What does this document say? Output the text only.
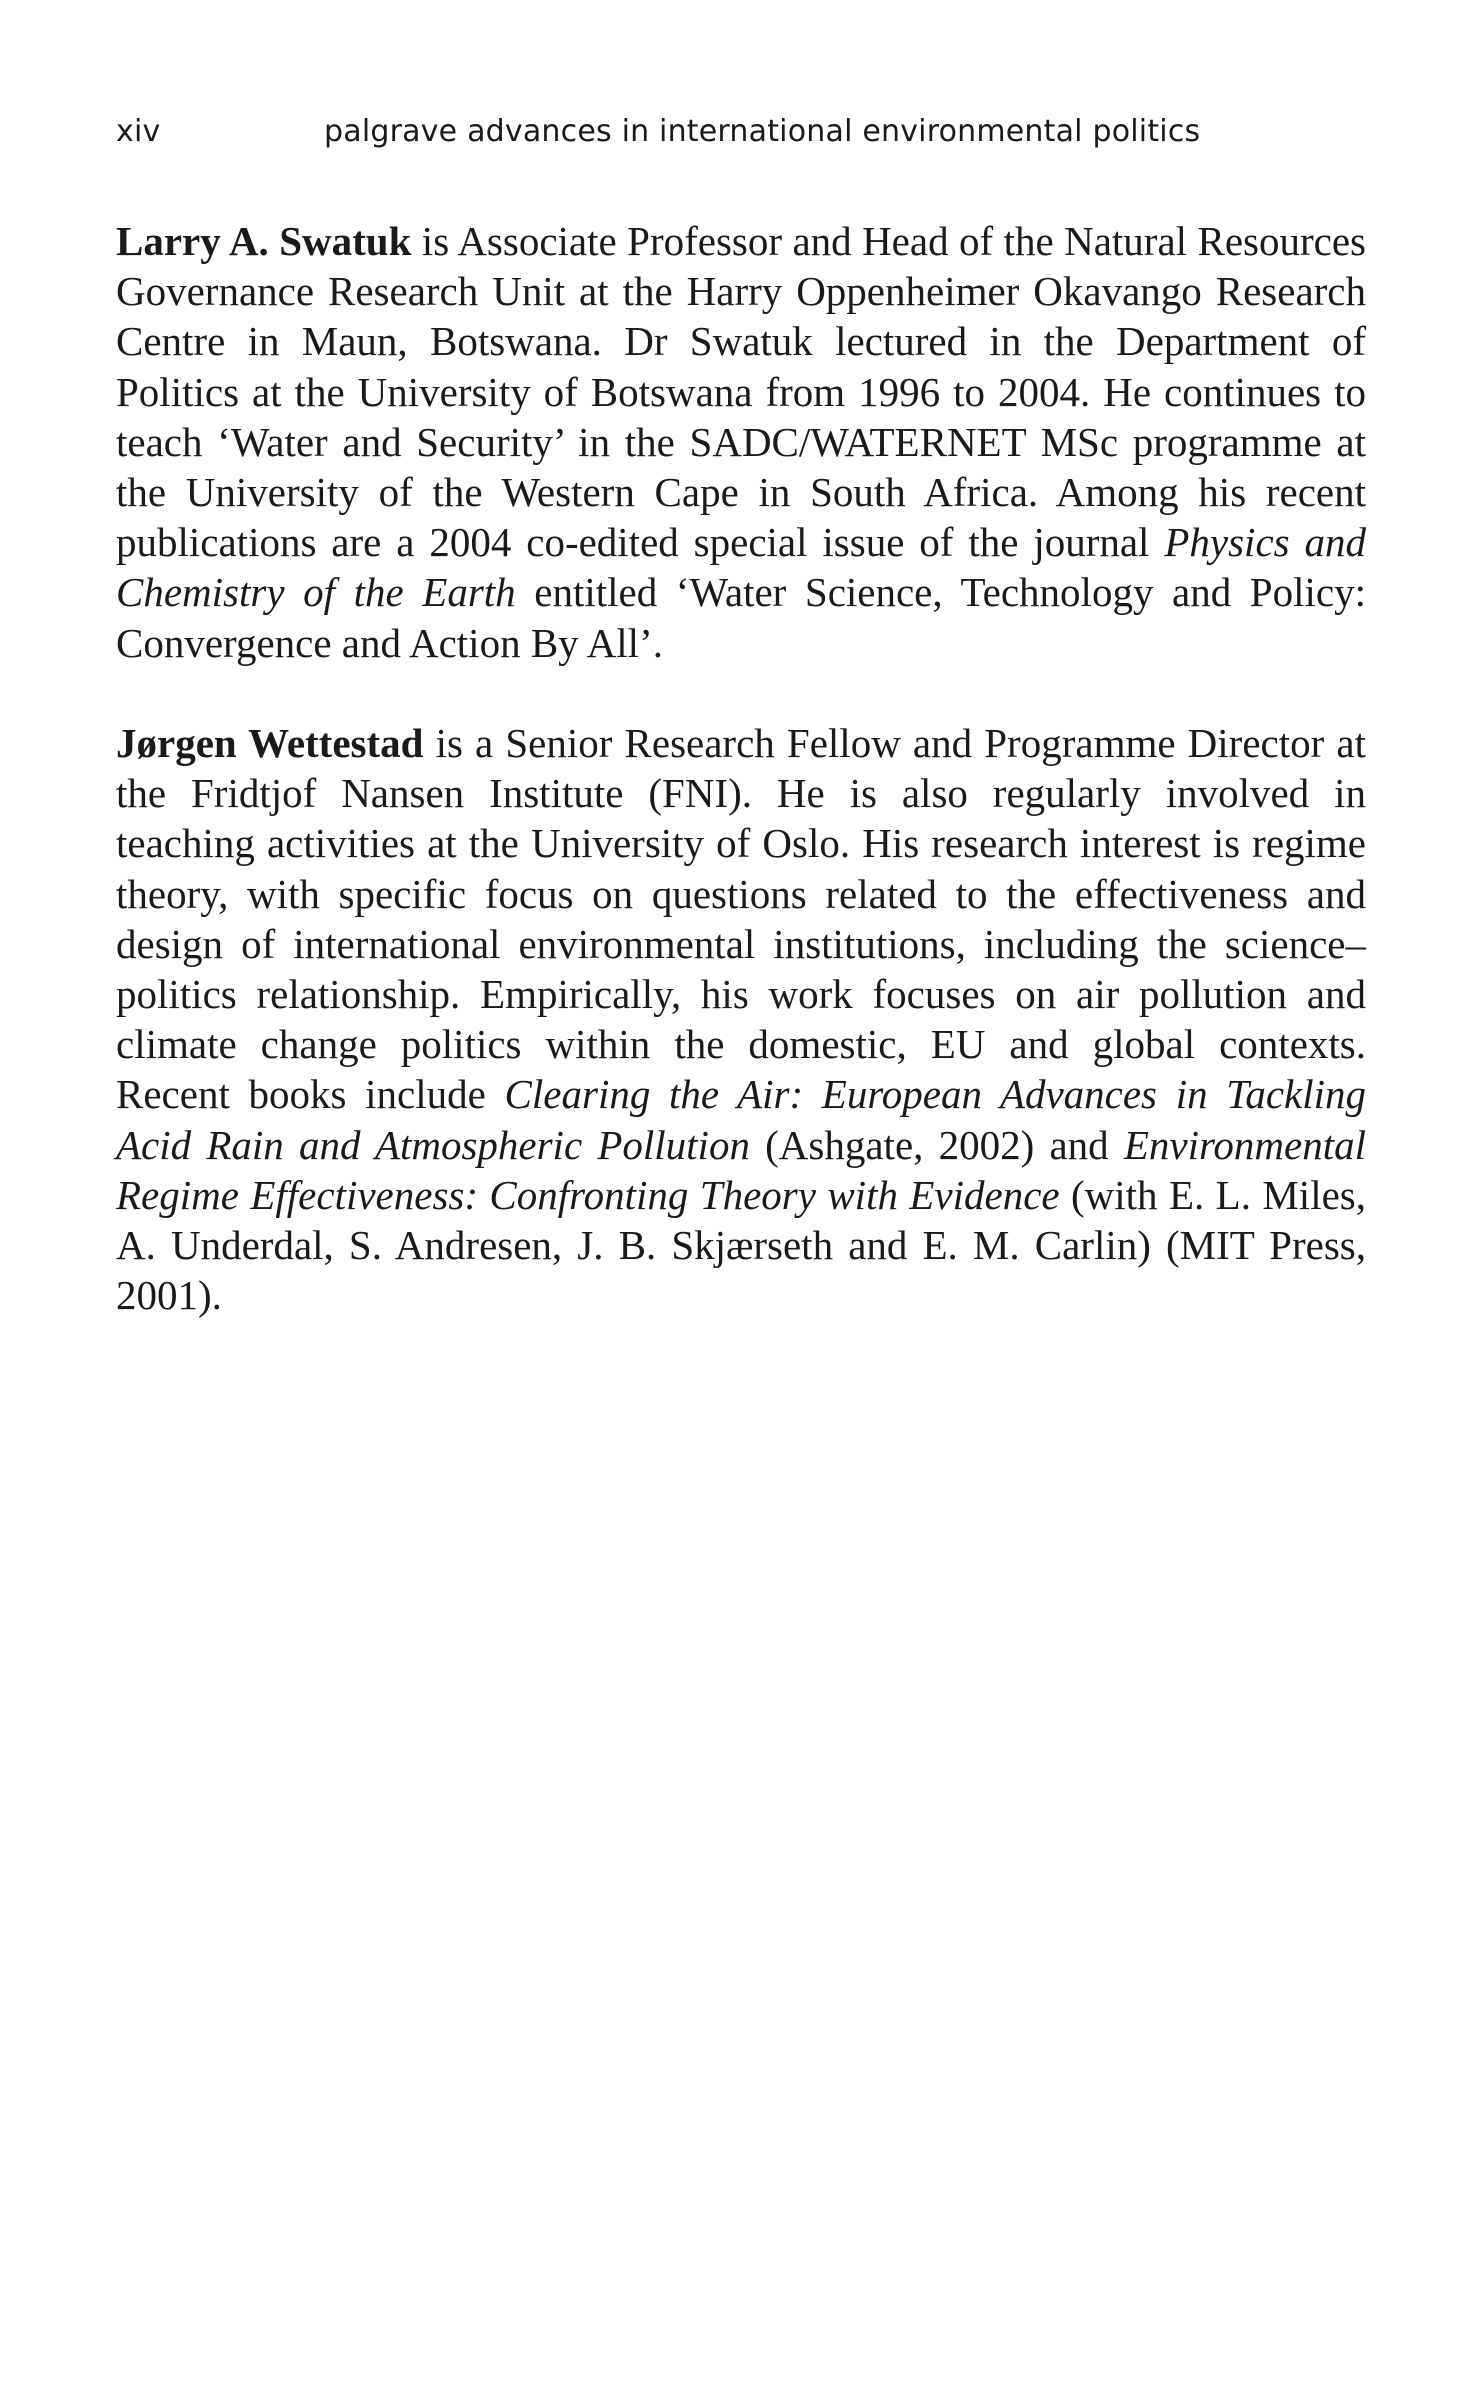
xiv	palgrave advances in international environmental politics

Larry A. Swatuk is Associate Professor and Head of the Natural Resources Governance Research Unit at the Harry Oppenheimer Okavango Research Centre in Maun, Botswana. Dr Swatuk lectured in the Department of Politics at the University of Botswana from 1996 to 2004. He continues to teach ‘Water and Security’ in the SADC/WATERNET MSc programme at the University of the Western Cape in South Africa. Among his recent publications are a 2004 co-edited special issue of the journal Physics and Chemistry of the Earth entitled ‘Water Science, Technology and Policy: Convergence and Action By All’.

Jørgen Wettestad is a Senior Research Fellow and Programme Director at the Fridtjof Nansen Institute (FNI). He is also regularly involved in teaching activities at the University of Oslo. His research interest is regime theory, with specific focus on questions related to the effectiveness and design of international environmental institutions, including the science–politics relationship. Empirically, his work focuses on air pollution and climate change politics within the domestic, EU and global contexts. Recent books include Clearing the Air: European Advances in Tackling Acid Rain and Atmospheric Pollution (Ashgate, 2002) and Environmental Regime Effectiveness: Confronting Theory with Evidence (with E. L. Miles, A. Underdal, S. Andresen, J. B. Skjærseth and E. M. Carlin) (MIT Press, 2001).
